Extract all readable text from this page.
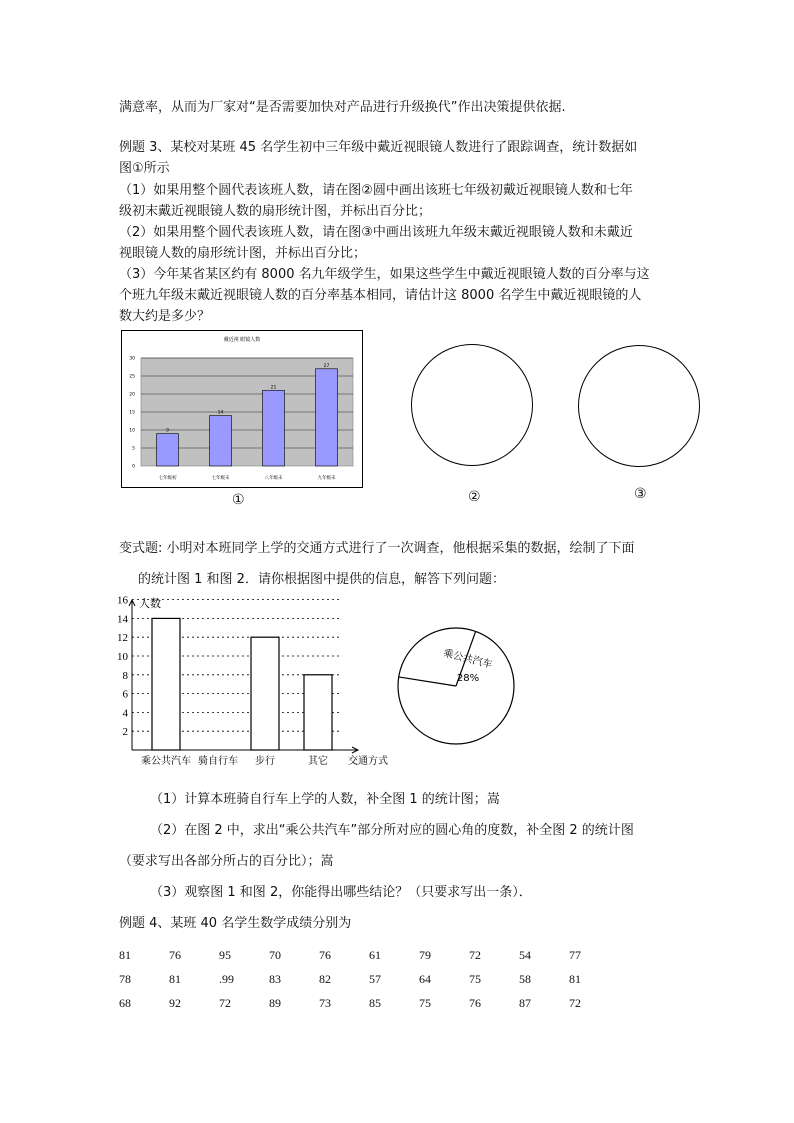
满意率，从而为厂家对“是否需要加快对产品进行升级换代”作出决策提供依据.
例题 3、某校对某班 45 名学生初中三年级中戴近视眼镜人数进行了跟踪调查，统计数据如
图①所示
（1）如果用整个圆代表该班人数，请在图②圆中画出该班七年级初戴近视眼镜人数和七年
级初末戴近视眼镜人数的扇形统计图，并标出百分比；
（2）如果用整个圆代表该班人数，请在图③中画出该班九年级末戴近视眼镜人数和未戴近
视眼镜人数的扇形统计图，并标出百分比；
（3）今年某省某区约有 8000 名九年级学生，如果这些学生中戴近视眼镜人数的百分率与这
个班九年级末戴近视眼镜人数的百分率基本相同，请估计这 8000 名学生中戴近视眼镜的人
数大约是多少？
戴近视 眼镜人数
0
5
10
15
20
25
30
9
14
21
27
七年级初	七年级末	八年级末	九年级末
①	②	③
变式题: 小明对本班同学上学的交通方式进行了一次调查，他根据采集的数据，绘制了下面
的统计图 1 和图 2．请你根据图中提供的信息，解答下列问题：
人数
交通方式
2
4
6
8
10
12
14
16
乘公共汽车 骑自行车 步行	其它
乘公共汽车
28%
（1）计算本班骑自行车上学的人数，补全图 1 的统计图；嵩
（2）在图 2 中，求出“乘公共汽车”部分所对应的圆心角的度数，补全图 2 的统计图
（要求写出各部分所占的百分比）；嵩
（3）观察图 1 和图 2，你能得出哪些结论？（只要求写出一条）．
例题 4、某班 40 名学生数学成绩分别为
81	76	95	70	76	61	79	72	54	77
78	81	.99	83	82	57	64	75	58	81
68	92	72	89	73	85	75	76	87	72
